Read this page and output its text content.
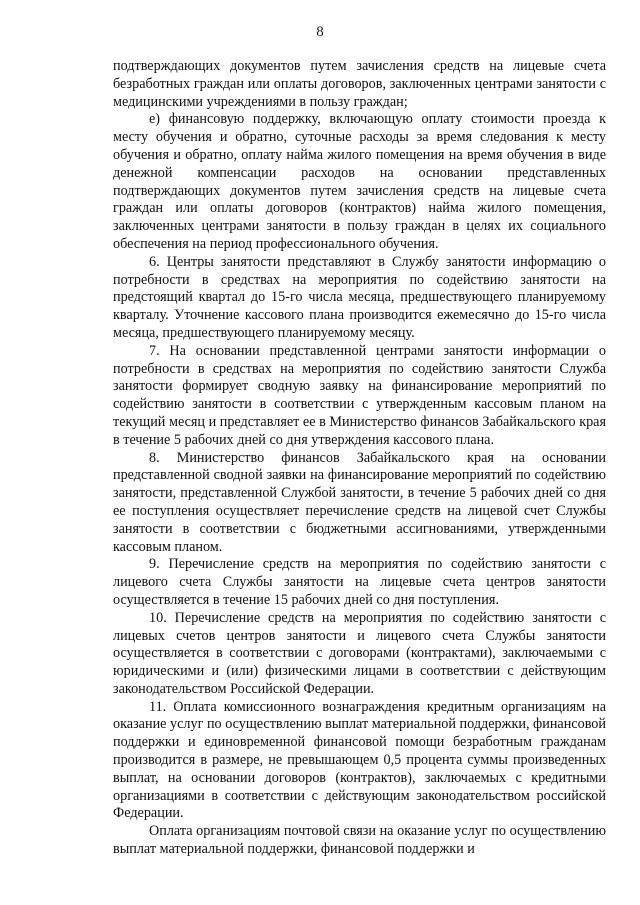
8

подтверждающих документов путем зачисления средств на лицевые счета безработных граждан или оплаты договоров, заключенных центрами занятости с медицинскими учреждениями в пользу граждан;

е) финансовую поддержку, включающую оплату стоимости проезда к месту обучения и обратно, суточные расходы за время следования к месту обучения и обратно, оплату найма жилого помещения на время обучения в виде денежной компенсации расходов на основании представленных подтверждающих документов путем зачисления средств на лицевые счета граждан или оплаты договоров (контрактов) найма жилого помещения, заключенных центрами занятости в пользу граждан в целях их социального обеспечения на период профессионального обучения.

6. Центры занятости представляют в Службу занятости информацию о потребности в средствах на мероприятия по содействию занятости на предстоящий квартал до 15-го числа месяца, предшествующего планируемому кварталу. Уточнение кассового плана производится ежемесячно до 15-го числа месяца, предшествующего планируемому месяцу.

7. На основании представленной центрами занятости информации о потребности в средствах на мероприятия по содействию занятости Служба занятости формирует сводную заявку на финансирование мероприятий по содействию занятости в соответствии с утвержденным кассовым планом на текущий месяц и представляет ее в Министерство финансов Забайкальского края в течение 5 рабочих дней со дня утверждения кассового плана.

8. Министерство финансов Забайкальского края на основании представленной сводной заявки на финансирование мероприятий по содействию занятости, представленной Службой занятости, в течение 5 рабочих дней со дня ее поступления осуществляет перечисление средств на лицевой счет Службы занятости в соответствии с бюджетными ассигнованиями, утвержденными кассовым планом.

9. Перечисление средств на мероприятия по содействию занятости с лицевого счета Службы занятости на лицевые счета центров занятости осуществляется в течение 15 рабочих дней со дня поступления.

10. Перечисление средств на мероприятия по содействию занятости с лицевых счетов центров занятости и лицевого счета Службы занятости осуществляется в соответствии с договорами (контрактами), заключаемыми с юридическими и (или) физическими лицами в соответствии с действующим законодательством Российской Федерации.

11. Оплата комиссионного вознаграждения кредитным организациям на оказание услуг по осуществлению выплат материальной поддержки, финансовой поддержки и единовременной финансовой помощи безработным гражданам производится в размере, не превышающем 0,5 процента суммы произведенных выплат, на основании договоров (контрактов), заключаемых с кредитными организациями в соответствии с действующим законодательством российской Федерации.

Оплата организациям почтовой связи на оказание услуг по осуществлению выплат материальной поддержки, финансовой поддержки и
